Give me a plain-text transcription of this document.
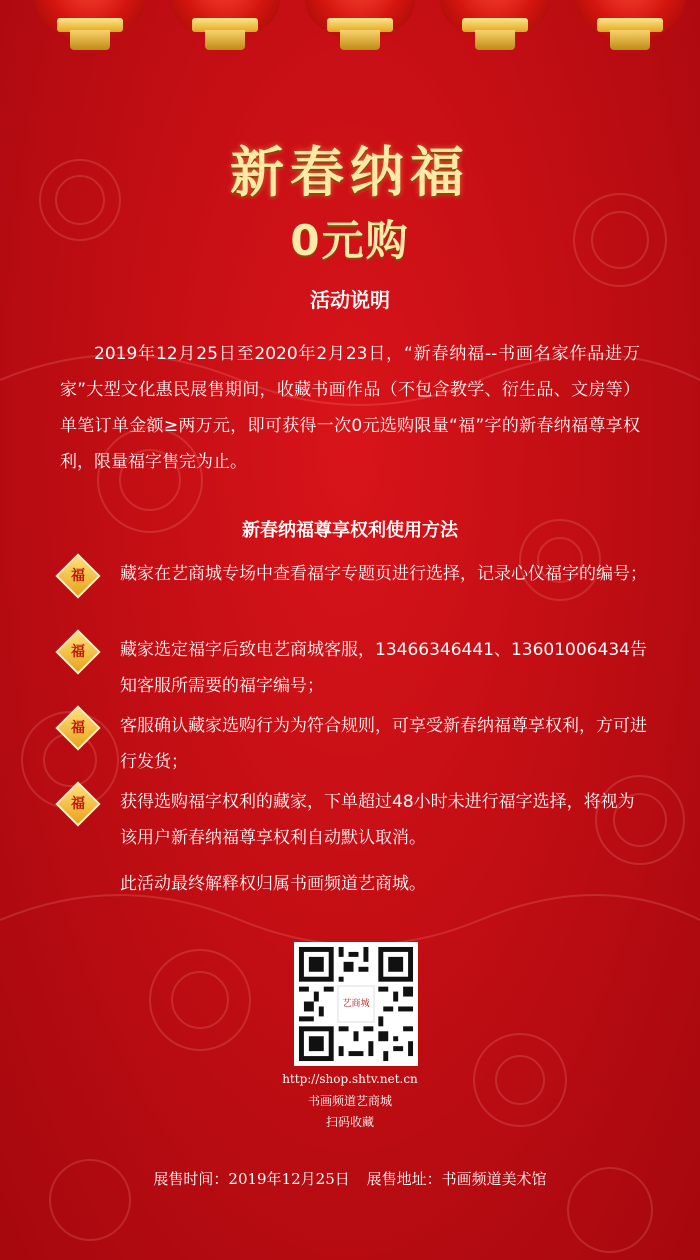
新春纳福
0元购
活动说明
2019年12月25日至2020年2月23日，“新春纳福--书画名家作品进万家”大型文化惠民展售期间，收藏书画作品（不包含教学、衍生品、文房等）单笔订单金额≥两万元，即可获得一次0元选购限量“福”字的新春纳福尊享权利，限量福字售完为止。
新春纳福尊享权利使用方法
福	藏家在艺商城专场中查看福字专题页进行选择，记录心仪福字的编号；
福	藏家选定福字后致电艺商城客服，13466346441、13601006434告知客服所需要的福字编号；
福	客服确认藏家选购行为为符合规则，可享受新春纳福尊享权利，方可进行发货；
福	获得选购福字权利的藏家，下单超过48小时未进行福字选择，将视为该用户新春纳福尊享权利自动默认取消。
此活动最终解释权归属书画频道艺商城。
艺商城
http://shop.shtv.net.cn
书画频道艺商城
扫码收藏
展售时间：2019年12月25日 展售地址：书画频道美术馆
